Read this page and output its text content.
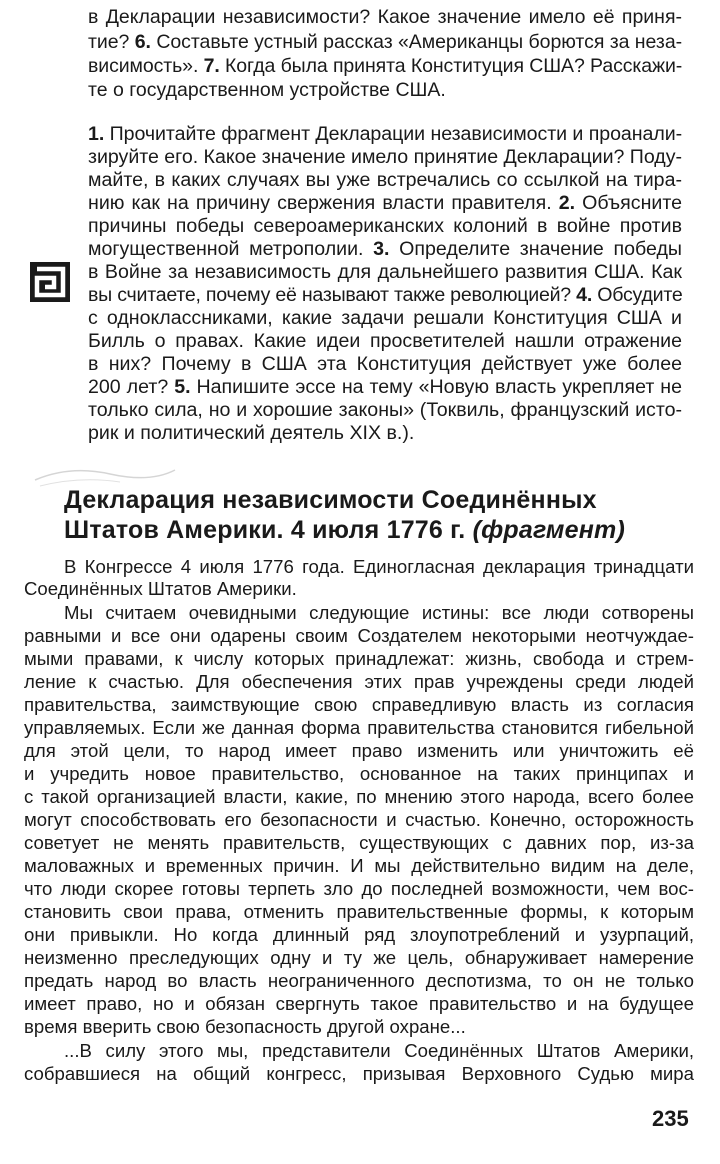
в Декларации независимости? Какое значение имело её приня-
тие? 6. Составьте устный рассказ «Американцы борются за неза-
висимость». 7. Когда была принята Конституция США? Расскажи-
те о государственном устройстве США.
1. Прочитайте фрагмент Декларации независимости и проанали-
зируйте его. Какое значение имело принятие Декларации? Поду-
майте, в каких случаях вы уже встречались со ссылкой на тира-
нию как на причину свержения власти правителя. 2. Объясните
причины победы североамериканских колоний в войне против
могущественной метрополии. 3. Определите значение победы
в Войне за независимость для дальнейшего развития США. Как
вы считаете, почему её называют также революцией? 4. Обсудите
с одноклассниками, какие задачи решали Конституция США и
Билль о правах. Какие идеи просветителей нашли отражение
в них? Почему в США эта Конституция действует уже более
200 лет? 5. Напишите эссе на тему «Новую власть укрепляет не
только сила, но и хорошие законы» (Токвиль, французский исто-
рик и политический деятель XIX в.).
Декларация независимости Соединённых
Штатов Америки. 4 июля 1776 г. (фрагмент)
В Конгрессе 4 июля 1776 года. Единогласная декларация тринадцати
Соединённых Штатов Америки.
Мы считаем очевидными следующие истины: все люди сотворены
равными и все они одарены своим Создателем некоторыми неотчуждае-
мыми правами, к числу которых принадлежат: жизнь, свобода и стрем-
ление к счастью. Для обеспечения этих прав учреждены среди людей
правительства, заимствующие свою справедливую власть из согласия
управляемых. Если же данная форма правительства становится гибельной
для этой цели, то народ имеет право изменить или уничтожить её
и учредить новое правительство, основанное на таких принципах и
с такой организацией власти, какие, по мнению этого народа, всего более
могут способствовать его безопасности и счастью. Конечно, осторожность
советует не менять правительств, существующих с давних пор, из-за
маловажных и временных причин. И мы действительно видим на деле,
что люди скорее готовы терпеть зло до последней возможности, чем вос-
становить свои права, отменить правительственные формы, к которым
они привыкли. Но когда длинный ряд злоупотреблений и узурпаций,
неизменно преследующих одну и ту же цель, обнаруживает намерение
предать народ во власть неограниченного деспотизма, то он не только
имеет право, но и обязан свергнуть такое правительство и на будущее
время вверить свою безопасность другой охране...
...В силу этого мы, представители Соединённых Штатов Америки,
собравшиеся на общий конгресс, призывая Верховного Судью мира
235
